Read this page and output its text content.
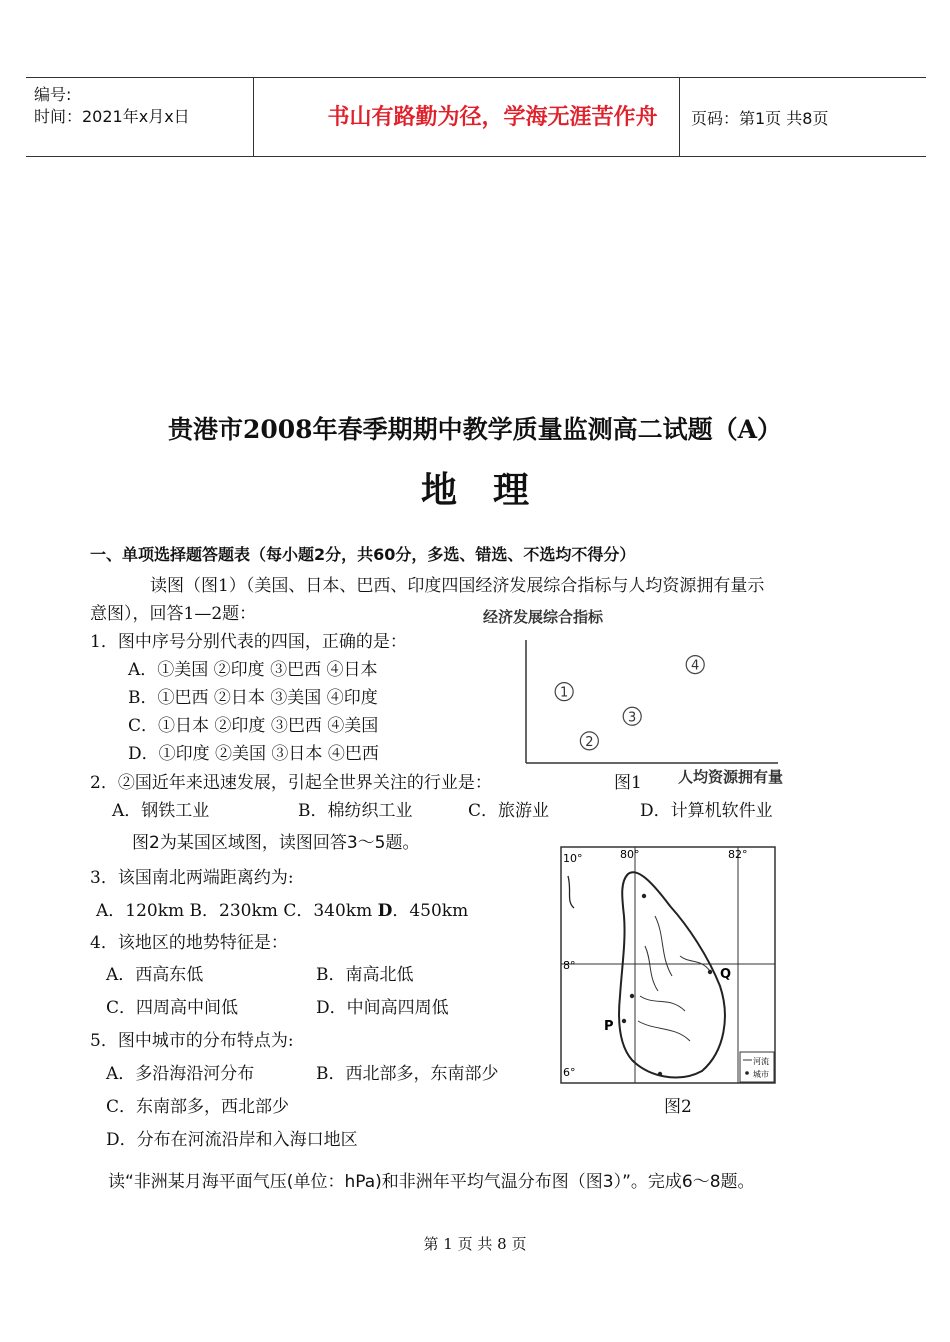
编号:
时间：2021年x月x日	书山有路勤为径，学海无涯苦作舟	页码：第1页 共8页
贵港市2008年春季期期中教学质量监测高二试题（A）
地理
一、单项选择题答题表（每小题2分，共60分，多选、错选、不选均不得分）
读图（图1）（美国、日本、巴西、印度四国经济发展综合指标与人均资源拥有量示
意图），回答1—2题：
1．图中序号分别代表的四国，正确的是：
A．①美国 ②印度 ③巴西 ④日本
B．①巴西 ②日本 ③美国 ④印度
C．①日本 ②印度 ③巴西 ④美国
D．①印度 ②美国 ③日本 ④巴西
经济发展综合指标
人均资源拥有量
1
2
3
4
图1
2．②国近年来迅速发展，引起全世界关注的行业是：
A．钢铁工业	B．棉纺织工业	C．旅游业	D．计算机软件业
图2为某国区域图，读图回答3～5题。
3．该国南北两端距离约为:
A．120km B．230km C．340km D．450km
4．该地区的地势特征是：
A．西高东低	B．南高北低
C．四周高中间低	D．中间高四周低
5．图中城市的分布特点为:
A．多沿海沿河分布	B．西北部多，东南部少
C．东南部多，西北部少
D．分布在河流沿岸和入海口地区
10°
8°
6°
80°	82°
Q
P
河流
城市
图2
读“非洲某月海平面气压(单位：hPa)和非洲年平均气温分布图（图3）”。完成6～8题。
第 1 页 共 8 页
